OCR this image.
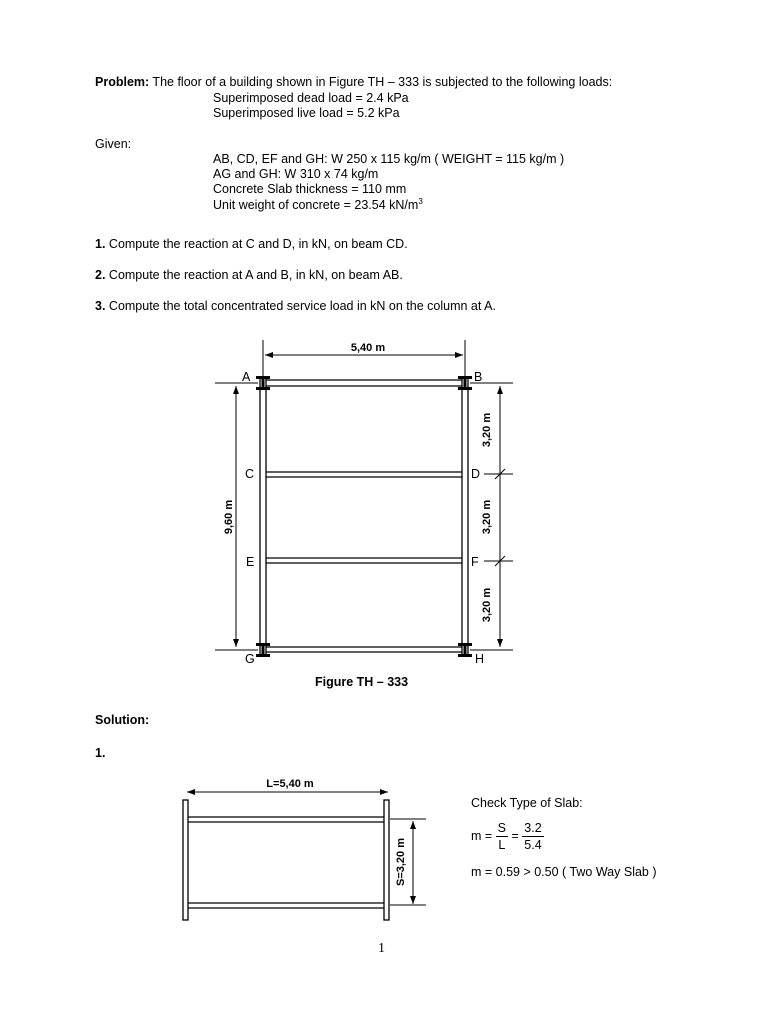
Problem: The floor of a building shown in Figure TH – 333 is subjected to the following loads:
Superimposed dead load = 2.4 kPa
Superimposed live load = 5.2 kPa
Given:
AB, CD, EF and GH: W 250 x 115 kg/m ( WEIGHT = 115 kg/m )
AG and GH: W 310 x 74 kg/m
Concrete Slab thickness = 110 mm
Unit weight of concrete = 23.54 $kN/m^3$
1. Compute the reaction at C and D, in kN, on beam CD.
2. Compute the reaction at A and B, in kN, on beam AB.
3. Compute the total concentrated service load in kN on the column at A.
5,40 m
9,60 m
3,20 m
3,20 m
3,20 m
A	B
C	D
E	F
G	H
Figure TH – 333
Solution:
1.
L=5,40 m
S=3,20 m
Check Type of Slab:
$m = \frac{S}{L} = \frac{3.2}{5.4}$
m = 0.59 > 0.50 ( Two Way Slab )
1
